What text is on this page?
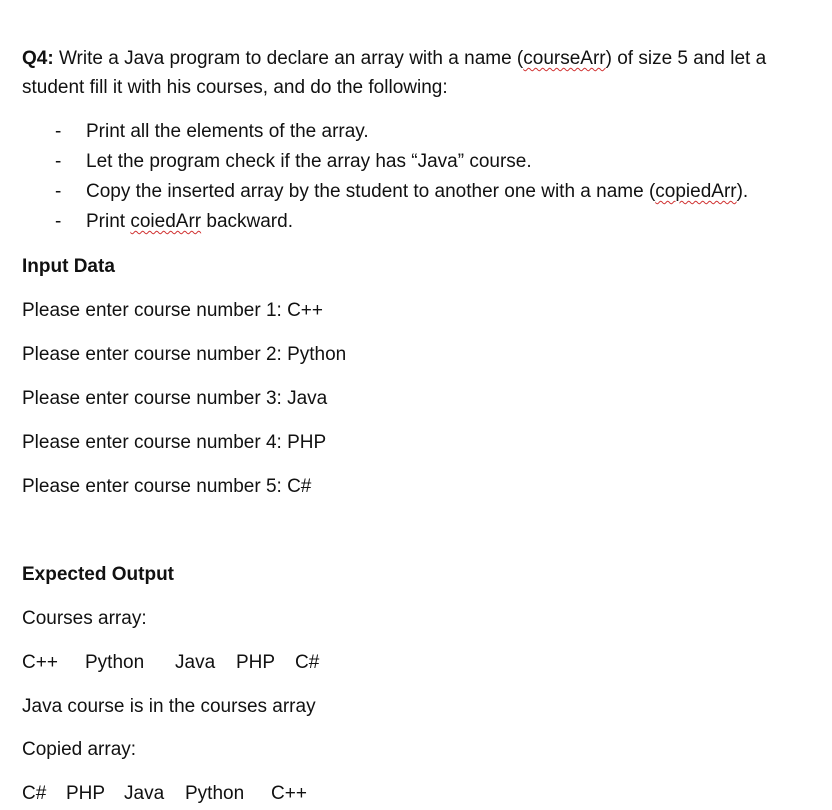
Q4: Write a Java program to declare an array with a name (courseArr) of size 5 and let a
student fill it with his courses, and do the following:
- Print all the elements of the array.
- Let the program check if the array has “Java” course.
- Copy the inserted array by the student to another one with a name (copiedArr).
- Print coiedArr backward.
Input Data
Please enter course number 1: C++
Please enter course number 2: Python
Please enter course number 3: Java
Please enter course number 4: PHP
Please enter course number 5: C#
Expected Output
Courses array:
C++ Python Java PHP C#
Java course is in the courses array
Copied array:
C# PHP Java Python C++
